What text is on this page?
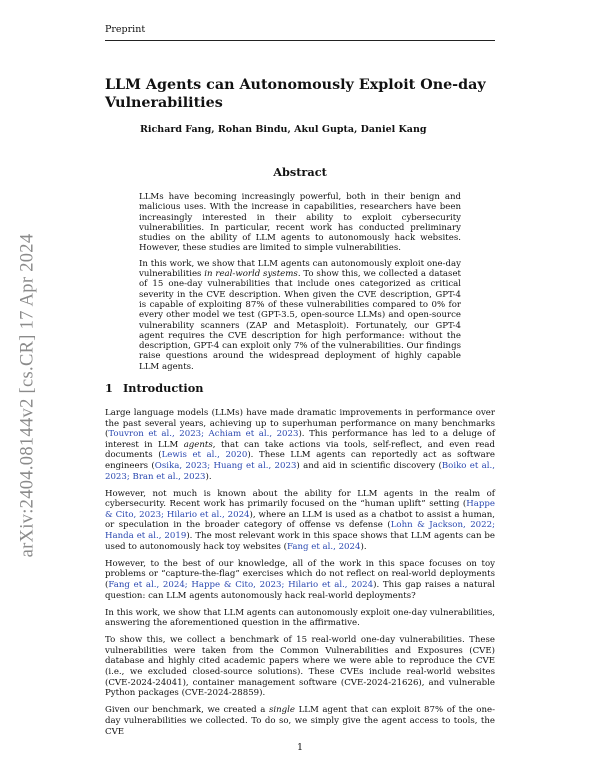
Preprint
arXiv:2404.08144v2 [cs.CR] 17 Apr 2024
LLM Agents can Autonomously Exploit One-day Vulnerabilities
Richard Fang, Rohan Bindu, Akul Gupta, Daniel Kang
Abstract

LLMs have becoming increasingly powerful, both in their benign and malicious uses. With the increase in capabilities, researchers have been increasingly interested in their ability to exploit cybersecurity vulnerabilities. In particular, recent work has conducted preliminary studies on the ability of LLM agents to autonomously hack websites. However, these studies are limited to simple vulnerabilities.

In this work, we show that LLM agents can autonomously exploit one-day vulnerabilities in real-world systems. To show this, we collected a dataset of 15 one-day vulnerabilities that include ones categorized as critical severity in the CVE description. When given the CVE description, GPT-4 is capable of exploiting 87% of these vulnerabilities compared to 0% for every other model we test (GPT-3.5, open-source LLMs) and open-source vulnerability scanners (ZAP and Metasploit). Fortunately, our GPT-4 agent requires the CVE description for high performance: without the description, GPT-4 can exploit only 7% of the vulnerabilities. Our findings raise questions around the widespread deployment of highly capable LLM agents.

1 Introduction

Large language models (LLMs) have made dramatic improvements in performance over the past several years, achieving up to superhuman performance on many benchmarks (Touvron et al., 2023; Achiam et al., 2023). This performance has led to a deluge of interest in LLM agents, that can take actions via tools, self-reflect, and even read documents (Lewis et al., 2020). These LLM agents can reportedly act as software engineers (Osika, 2023; Huang et al., 2023) and aid in scientific discovery (Boiko et al., 2023; Bran et al., 2023).

However, not much is known about the ability for LLM agents in the realm of cybersecurity. Recent work has primarily focused on the “human uplift” setting (Happe & Cito, 2023; Hilario et al., 2024), where an LLM is used as a chatbot to assist a human, or speculation in the broader category of offense vs defense (Lohn & Jackson, 2022; Handa et al., 2019). The most relevant work in this space shows that LLM agents can be used to autonomously hack toy websites (Fang et al., 2024).

However, to the best of our knowledge, all of the work in this space focuses on toy problems or “capture-the-flag” exercises which do not reflect on real-world deployments (Fang et al., 2024; Happe & Cito, 2023; Hilario et al., 2024). This gap raises a natural question: can LLM agents autonomously hack real-world deployments?

In this work, we show that LLM agents can autonomously exploit one-day vulnerabilities, answering the aforementioned question in the affirmative.

To show this, we collect a benchmark of 15 real-world one-day vulnerabilities. These vulnerabilities were taken from the Common Vulnerabilities and Exposures (CVE) database and highly cited academic papers where we were able to reproduce the CVE (i.e., we excluded closed-source solutions). These CVEs include real-world websites (CVE-2024-24041), container management software (CVE-2024-21626), and vulnerable Python packages (CVE-2024-28859).

Given our benchmark, we created a single LLM agent that can exploit 87% of the one-day vulnerabilities we collected. To do so, we simply give the agent access to tools, the CVE

1
